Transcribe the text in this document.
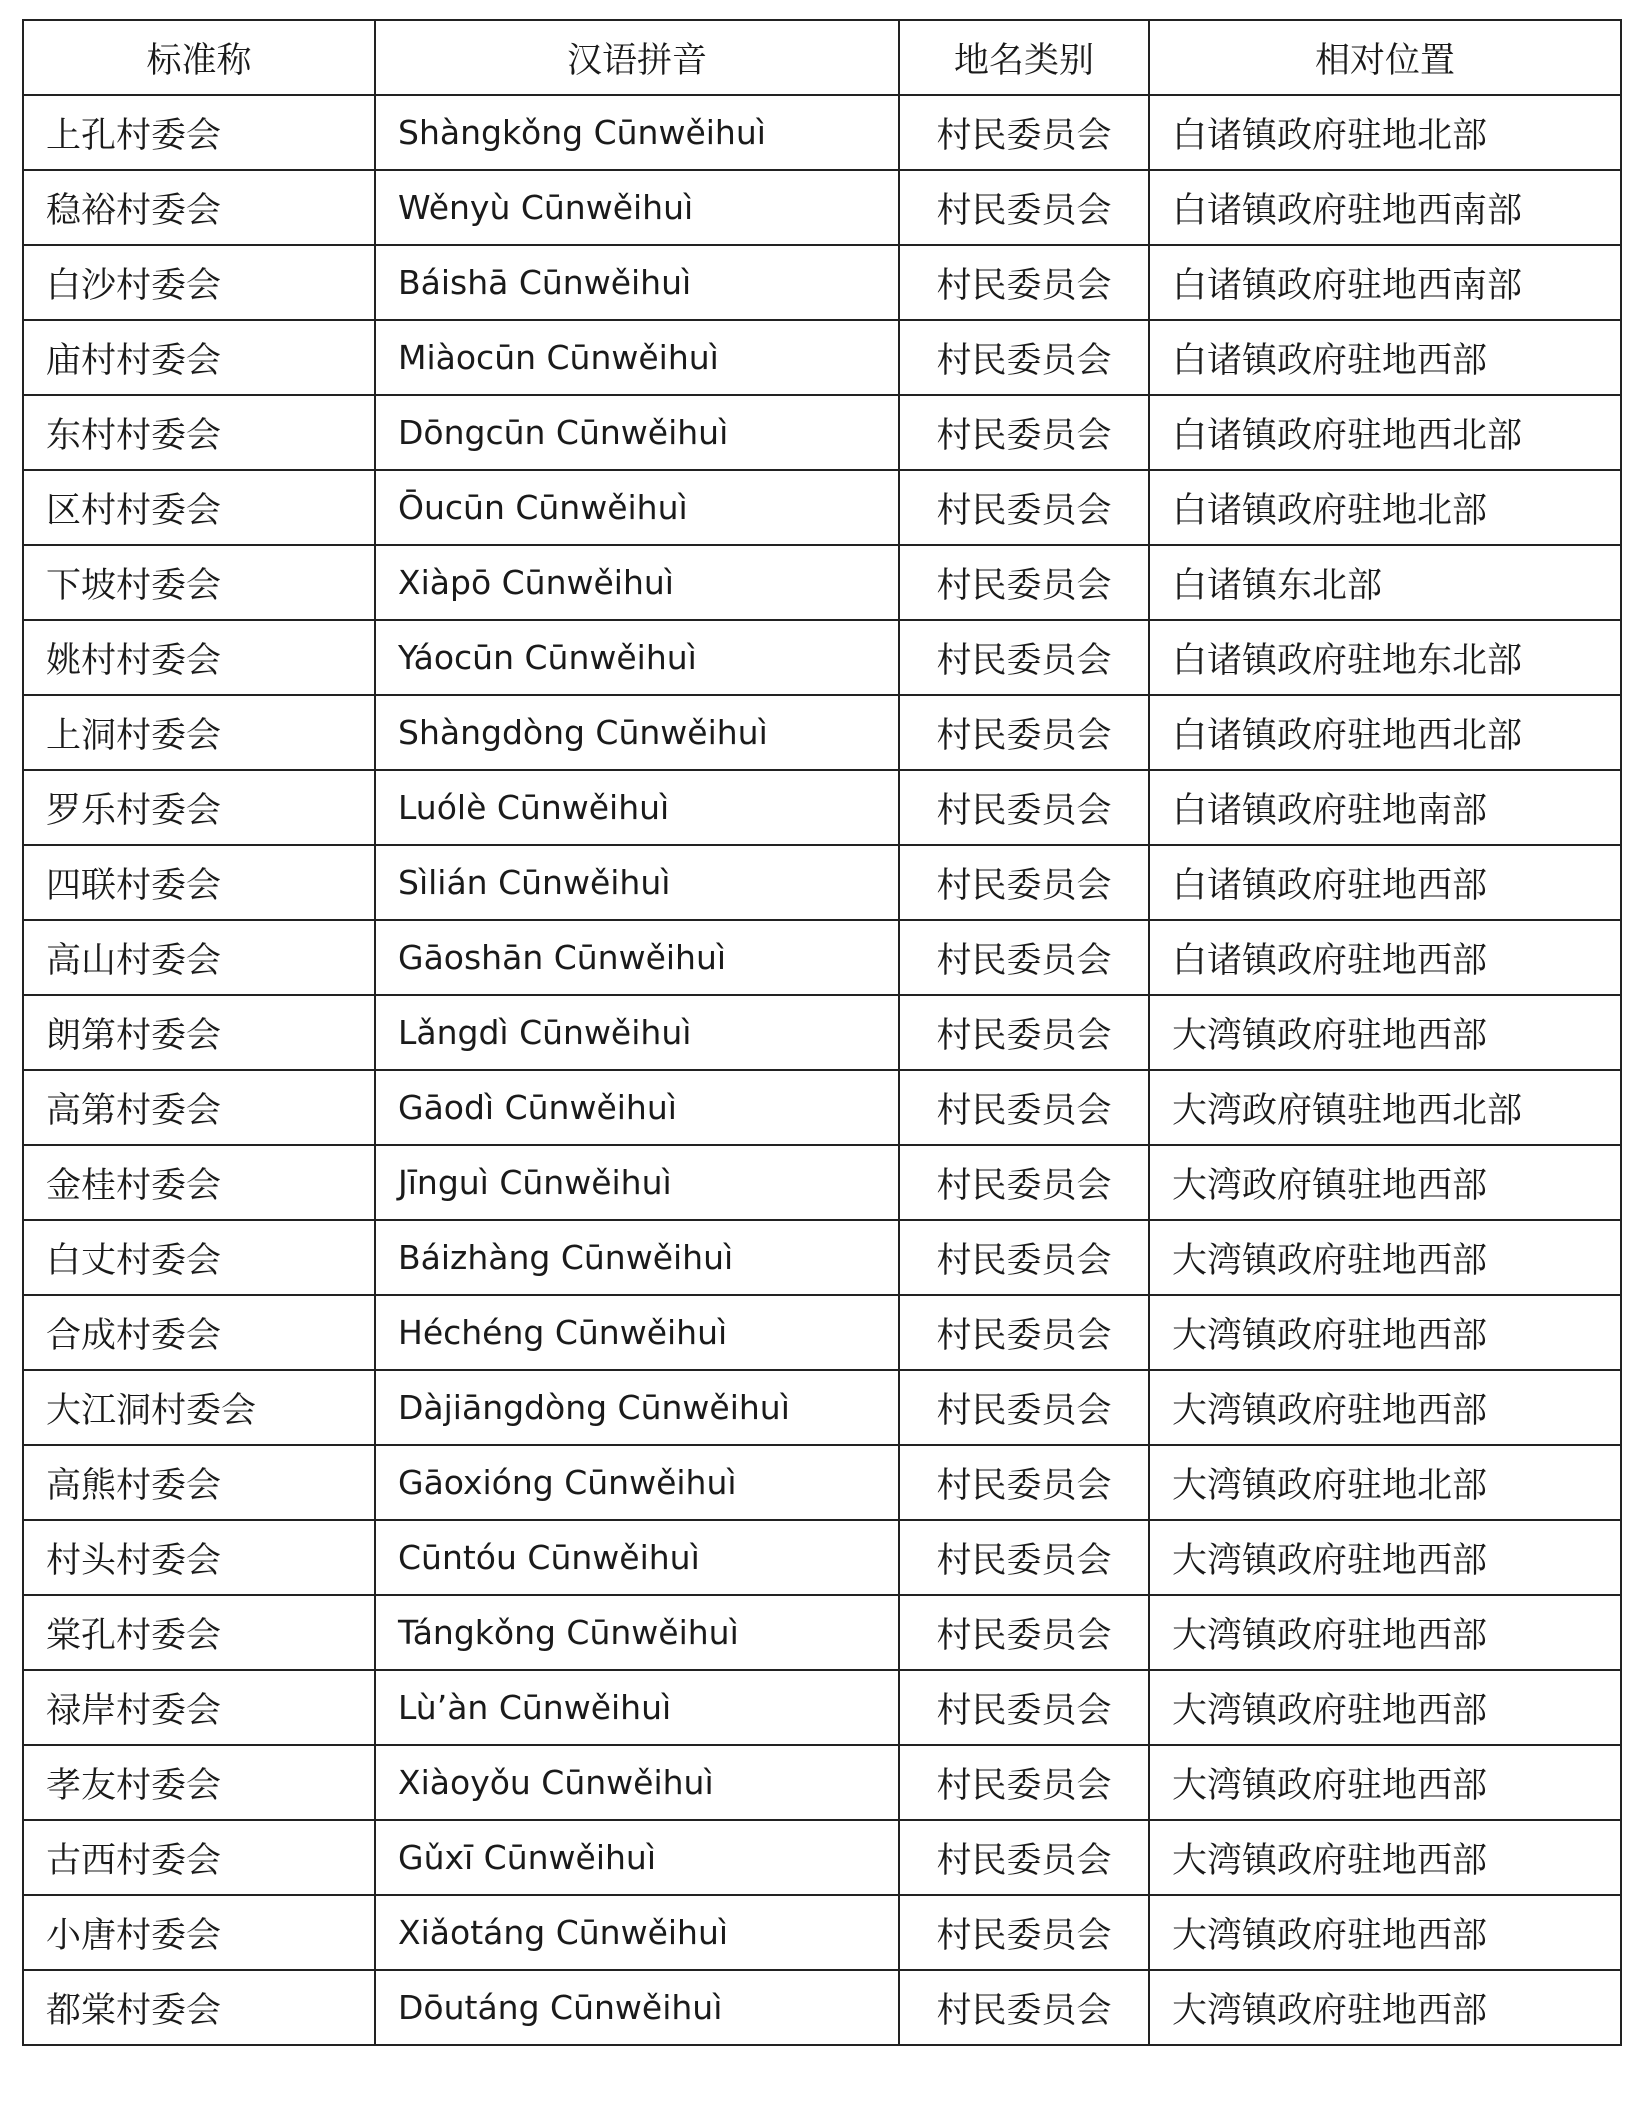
标准称	汉语拼音	地名类别	相对位置
上孔村委会	Shàngkǒng Cūnwěihuì	村民委员会	白诸镇政府驻地北部
稳裕村委会	Wěnyù Cūnwěihuì	村民委员会	白诸镇政府驻地西南部
白沙村委会	Báishā Cūnwěihuì	村民委员会	白诸镇政府驻地西南部
庙村村委会	Miàocūn Cūnwěihuì	村民委员会	白诸镇政府驻地西部
东村村委会	Dōngcūn Cūnwěihuì	村民委员会	白诸镇政府驻地西北部
区村村委会	Ōucūn Cūnwěihuì	村民委员会	白诸镇政府驻地北部
下坡村委会	Xiàpō Cūnwěihuì	村民委员会	白诸镇东北部
姚村村委会	Yáocūn Cūnwěihuì	村民委员会	白诸镇政府驻地东北部
上洞村委会	Shàngdòng Cūnwěihuì	村民委员会	白诸镇政府驻地西北部
罗乐村委会	Luólè Cūnwěihuì	村民委员会	白诸镇政府驻地南部
四联村委会	Sìlián Cūnwěihuì	村民委员会	白诸镇政府驻地西部
高山村委会	Gāoshān Cūnwěihuì	村民委员会	白诸镇政府驻地西部
朗第村委会	Lǎngdì Cūnwěihuì	村民委员会	大湾镇政府驻地西部
高第村委会	Gāodì Cūnwěihuì	村民委员会	大湾政府镇驻地西北部
金桂村委会	Jīnguì Cūnwěihuì	村民委员会	大湾政府镇驻地西部
白丈村委会	Báizhàng Cūnwěihuì	村民委员会	大湾镇政府驻地西部
合成村委会	Héchéng Cūnwěihuì	村民委员会	大湾镇政府驻地西部
大江洞村委会	Dàjiāngdòng Cūnwěihuì	村民委员会	大湾镇政府驻地西部
高熊村委会	Gāoxióng Cūnwěihuì	村民委员会	大湾镇政府驻地北部
村头村委会	Cūntóu Cūnwěihuì	村民委员会	大湾镇政府驻地西部
棠孔村委会	Tángkǒng Cūnwěihuì	村民委员会	大湾镇政府驻地西部
禄岸村委会	Lù’àn Cūnwěihuì	村民委员会	大湾镇政府驻地西部
孝友村委会	Xiàoyǒu Cūnwěihuì	村民委员会	大湾镇政府驻地西部
古西村委会	Gǔxī Cūnwěihuì	村民委员会	大湾镇政府驻地西部
小唐村委会	Xiǎotáng Cūnwěihuì	村民委员会	大湾镇政府驻地西部
都棠村委会	Dōutáng Cūnwěihuì	村民委员会	大湾镇政府驻地西部
